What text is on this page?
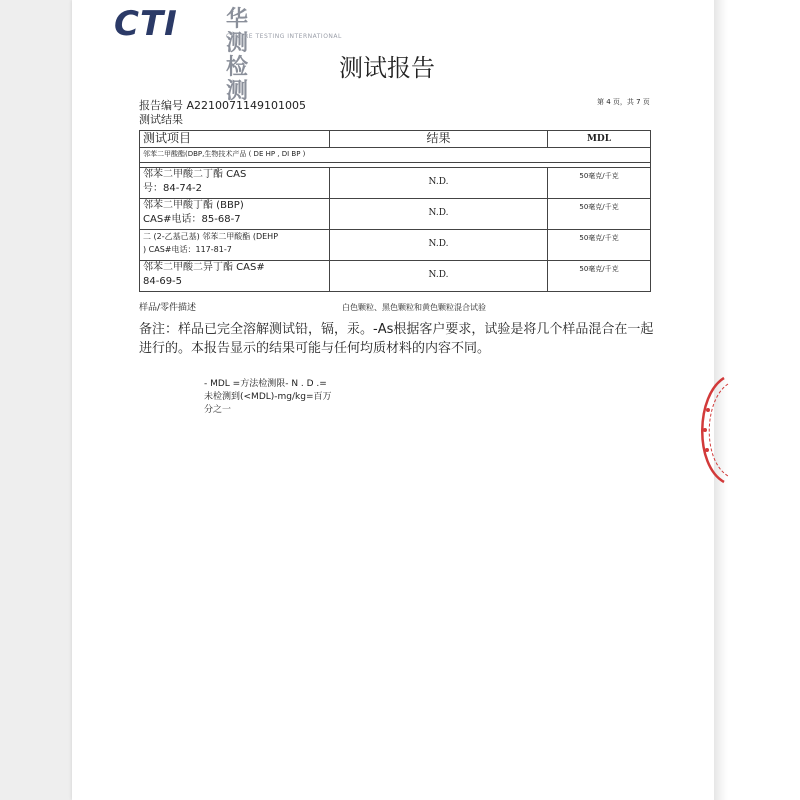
CTI 华测检测
CENTRE TESTING INTERNATIONAL
测试报告
报告编号 A2210071149101005
测试结果
第 4 页，共 7 页
测试项目	结果	MDL
邻苯二甲酸酯(DBP,生物技术产品 ( DE HP , DI BP )		

邻苯二甲酸二丁酯 CAS
号：84-74-2	N.D.	50毫克/千克

邻苯二甲酸丁酯 (BBP)
CAS#电话：85-68-7	N.D.	50毫克/千克

二 (2-乙基己基) 邻苯二甲酸酯 (DEHP
) CAS#电话：117-81-7	N.D.	50毫克/千克

邻苯二甲酸二异丁酯 CAS#
84-69-5	N.D.	50毫克/千克
样品/零件描述	白色颗粒、黑色颗粒和黄色颗粒混合试验
备注：样品已完全溶解测试铅，镉，汞。-As根据客户要求，试验是将几个样品混合在一起进行的。本报告显示的结果可能与任何均质材料的内容不同。
- MDL =方法检测限- N . D .=
未检测到(<MDL)-mg/kg=百万
分之一
